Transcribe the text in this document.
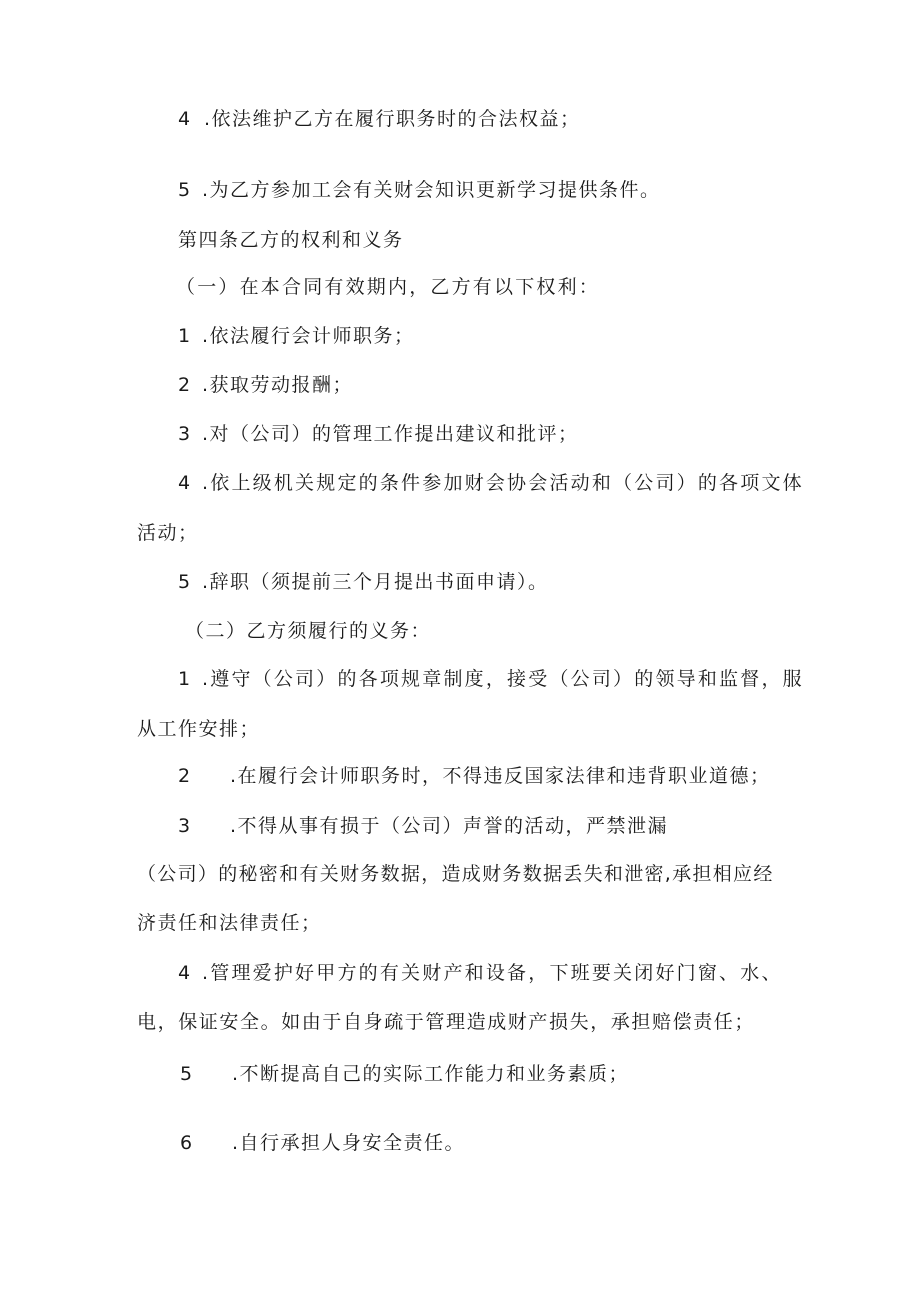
4 .依法维护乙方在履行职务时的合法权益；

5 .为乙方参加工会有关财会知识更新学习提供条件。

第四条乙方的权利和义务

（一）在本合同有效期内，乙方有以下权利：

1 .依法履行会计师职务；

2 .获取劳动报酬；

3 .对（公司）的管理工作提出建议和批评；

4 .依上级机关规定的条件参加财会协会活动和（公司）的各项文体

活动；

5 .辞职（须提前三个月提出书面申请）。

（二）乙方须履行的义务：

1 .遵守（公司）的各项规章制度，接受（公司）的领导和监督，服

从工作安排；

2 .在履行会计师职务时，不得违反国家法律和违背职业道德；

3 .不得从事有损于（公司）声誉的活动，严禁泄漏

（公司）的秘密和有关财务数据，造成财务数据丢失和泄密,承担相应经

济责任和法律责任；

4 .管理爱护好甲方的有关财产和设备，下班要关闭好门窗、水、

电，保证安全。如由于自身疏于管理造成财产损失，承担赔偿责任；

5 .不断提高自己的实际工作能力和业务素质；

6 .自行承担人身安全责任。
